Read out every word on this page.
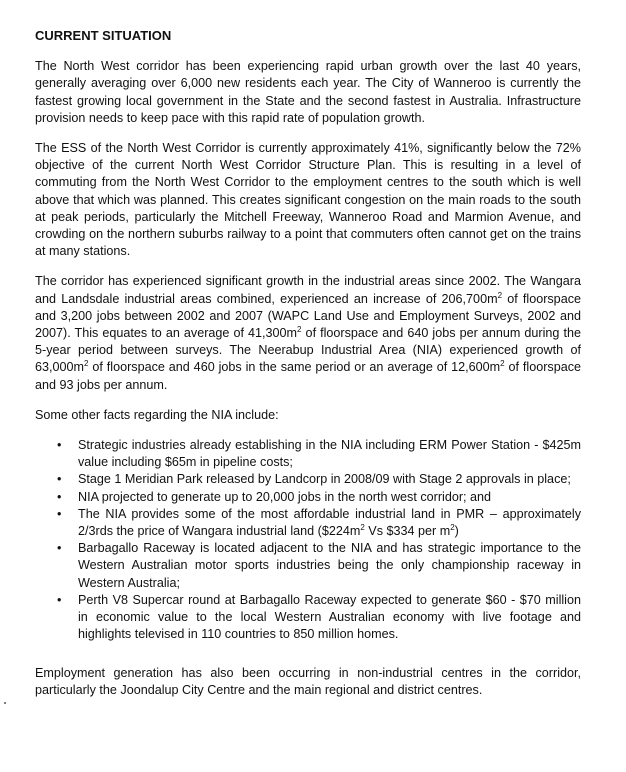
CURRENT SITUATION

The North West corridor has been experiencing rapid urban growth over the last 40 years, generally averaging over 6,000 new residents each year. The City of Wanneroo is currently the fastest growing local government in the State and the second fastest in Australia. Infrastructure provision needs to keep pace with this rapid rate of population growth.

The ESS of the North West Corridor is currently approximately 41%, significantly below the 72% objective of the current North West Corridor Structure Plan. This is resulting in a level of commuting from the North West Corridor to the employment centres to the south which is well above that which was planned. This creates significant congestion on the main roads to the south at peak periods, particularly the Mitchell Freeway, Wanneroo Road and Marmion Avenue, and crowding on the northern suburbs railway to a point that commuters often cannot get on the trains at many stations.

The corridor has experienced significant growth in the industrial areas since 2002. The Wangara and Landsdale industrial areas combined, experienced an increase of $206,700m^2$ of floorspace and 3,200 jobs between 2002 and 2007 (WAPC Land Use and Employment Surveys, 2002 and 2007). This equates to an average of $41,300m^2$ of floorspace and 640 jobs per annum during the 5-year period between surveys. The Neerabup Industrial Area (NIA) experienced growth of $63,000m^2$ of floorspace and 460 jobs in the same period or an average of $12,600m^2$ of floorspace and 93 jobs per annum.

Some other facts regarding the NIA include:

• Strategic industries already establishing in the NIA including ERM Power Station - $425m value including $65m in pipeline costs;
• Stage 1 Meridian Park released by Landcorp in 2008/09 with Stage 2 approvals in place;
• NIA projected to generate up to 20,000 jobs in the north west corridor; and
• The NIA provides some of the most affordable industrial land in PMR – approximately 2/3rds the price of Wangara industrial land ($\$224m^2$ Vs $334 per $m^2$)
• Barbagallo Raceway is located adjacent to the NIA and has strategic importance to the Western Australian motor sports industries being the only championship raceway in Western Australia;
• Perth V8 Supercar round at Barbagallo Raceway expected to generate $60 - $70 million in economic value to the local Western Australian economy with live footage and highlights televised in 110 countries to 850 million homes.

Employment generation has also been occurring in non-industrial centres in the corridor, particularly the Joondalup City Centre and the main regional and district centres.
